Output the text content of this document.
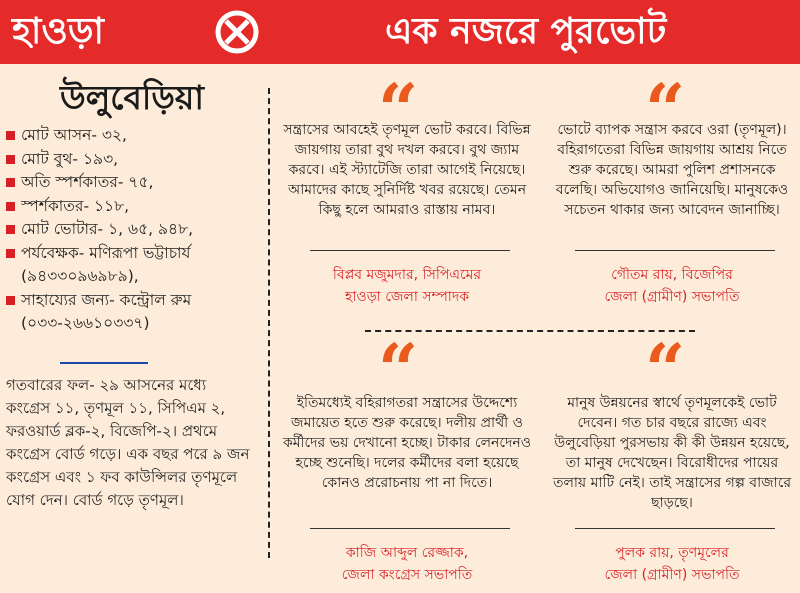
হাওড়া	এক নজরে পুরভোট
উলুবেড়িয়া
মোট আসন- ৩২,
মোট বুথ- ১৯৩,
অতি স্পর্শকাতর- ৭৫,
স্পর্শকাতর- ১১৮,
মোট ভোটার- ১, ৬৫, ৯৪৮,
পর্যবেক্ষক- মণিরূপা ভট্টাচার্য (৯৪৩৩০৯৬৯৮৯),
সাহায্যের জন্য- কন্ট্রোল রুম (০৩৩-২৬৬১০৩৩৭)
গতবারের ফল- ২৯ আসনের মধ্যে কংগ্রেস ১১, তৃণমূল ১১, সিপিএম ২, ফরওয়ার্ড ব্লক-২, বিজেপি-২। প্রথমে কংগ্রেস বোর্ড গড়ে। এক বছর পরে ৯ জন কংগ্রেস এবং ১ ফব কাউন্সিলর তৃণমূলে যোগ দেন। বোর্ড গড়ে তৃণমূল।
“
সন্ত্রাসের আবহেই তৃণমূল ভোট করবে। বিভিন্ন জায়গায় তারা বুথ দখল করবে। বুথ জ্যাম করবে। এই স্ট্যাটেজি তারা আগেই নিয়েছে। আমাদের কাছে সুনির্দিষ্ট খবর রয়েছে। তেমন কিছু হলে আমরাও রাস্তায় নামব।
বিপ্লব মজুমদার, সিপিএমের
হাওড়া জেলা সম্পাদক
“
ভোটে ব্যাপক সন্ত্রাস করবে ওরা (তৃণমূল)। বহিরাগতেরা বিভিন্ন জায়গায় আশ্রয় নিতে শুরু করেছে। আমরা পুলিশ প্রশাসনকে বলেছি। অভিযোগও জানিয়েছি। মানুষকেও সচেতন থাকার জন্য আবেদন জানাচ্ছি।
গৌতম রায়, বিজেপির
জেলা (গ্রামীণ) সভাপতি
“
ইতিমধ্যেই বহিরাগতরা সন্ত্রাসের উদ্দেশ্যে জমায়েত হতে শুরু করেছে। দলীয় প্রার্থী ও কর্মীদের ভয় দেখানো হচ্ছে। টাকার লেনদেনও হচ্ছে শুনেছি। দলের কর্মীদের বলা হয়েছে কোনও প্ররোচনায় পা না দিতে।
কাজি আব্দুল রেজ্জাক,
জেলা কংগ্রেস সভাপতি
“
মানুষ উন্নয়নের স্বার্থে তৃণমূলকেই ভোট দেবেন। গত চার বছরে রাজ্যে এবং উলুবেড়িয়া পুরসভায় কী কী উন্নয়ন হয়েছে, তা মানুষ দেখেছেন। বিরোধীদের পায়ের তলায় মাটি নেই। তাই সন্ত্রাসের গল্প বাজারে ছাড়ছে।
পুলক রায়, তৃণমূলের
জেলা (গ্রামীণ) সভাপতি
